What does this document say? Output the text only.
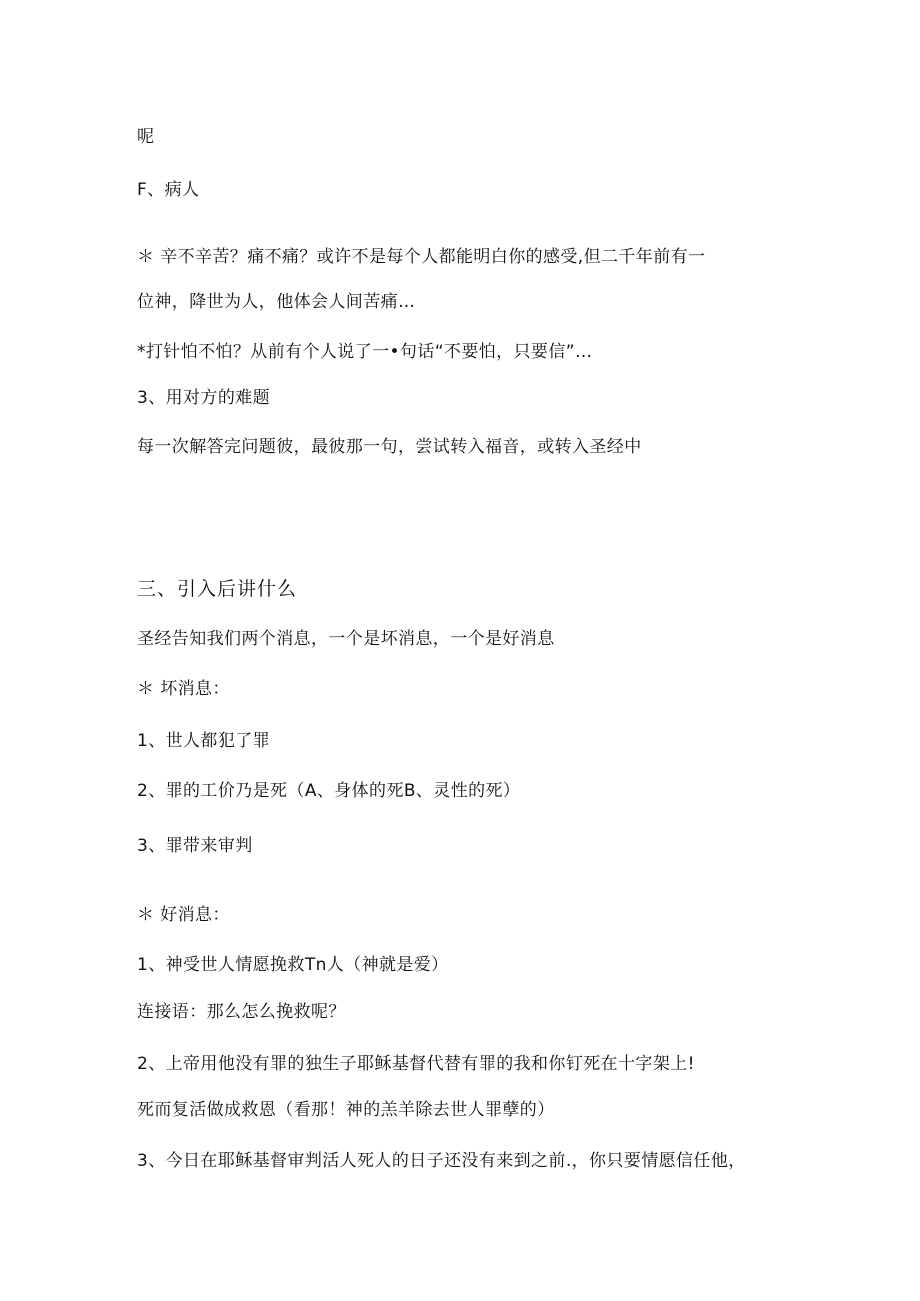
呢
F、病人
＊ 辛不辛苦？痛不痛？或许不是每个人都能明白你的感受,但二千年前有一
位神，降世为人，他体会人间苦痛…
*打针怕不怕？从前有个人说了一•句话“不要怕，只要信”…
3、用对方的难题
每一次解答完问题彼，最彼那一句，尝试转入福音，或转入圣经中
三、引入后讲什么
圣经告知我们两个消息，一个是坏消息，一个是好消息
＊ 坏消息：
1、世人都犯了罪
2、罪的工价乃是死（A、身体的死B、灵性的死）
3、罪带来审判
＊ 好消息：
1、神受世人情愿挽救Tn人（神就是爱）
连接语：那么怎么挽救呢？
2、上帝用他没有罪的独生子耶稣基督代替有罪的我和你钉死在十字架上!
死而复活做成救恩（看那！神的羔羊除去世人罪孽的）
3、今日在耶稣基督审判活人死人的日子还没有来到之前.，你只要情愿信任他，
